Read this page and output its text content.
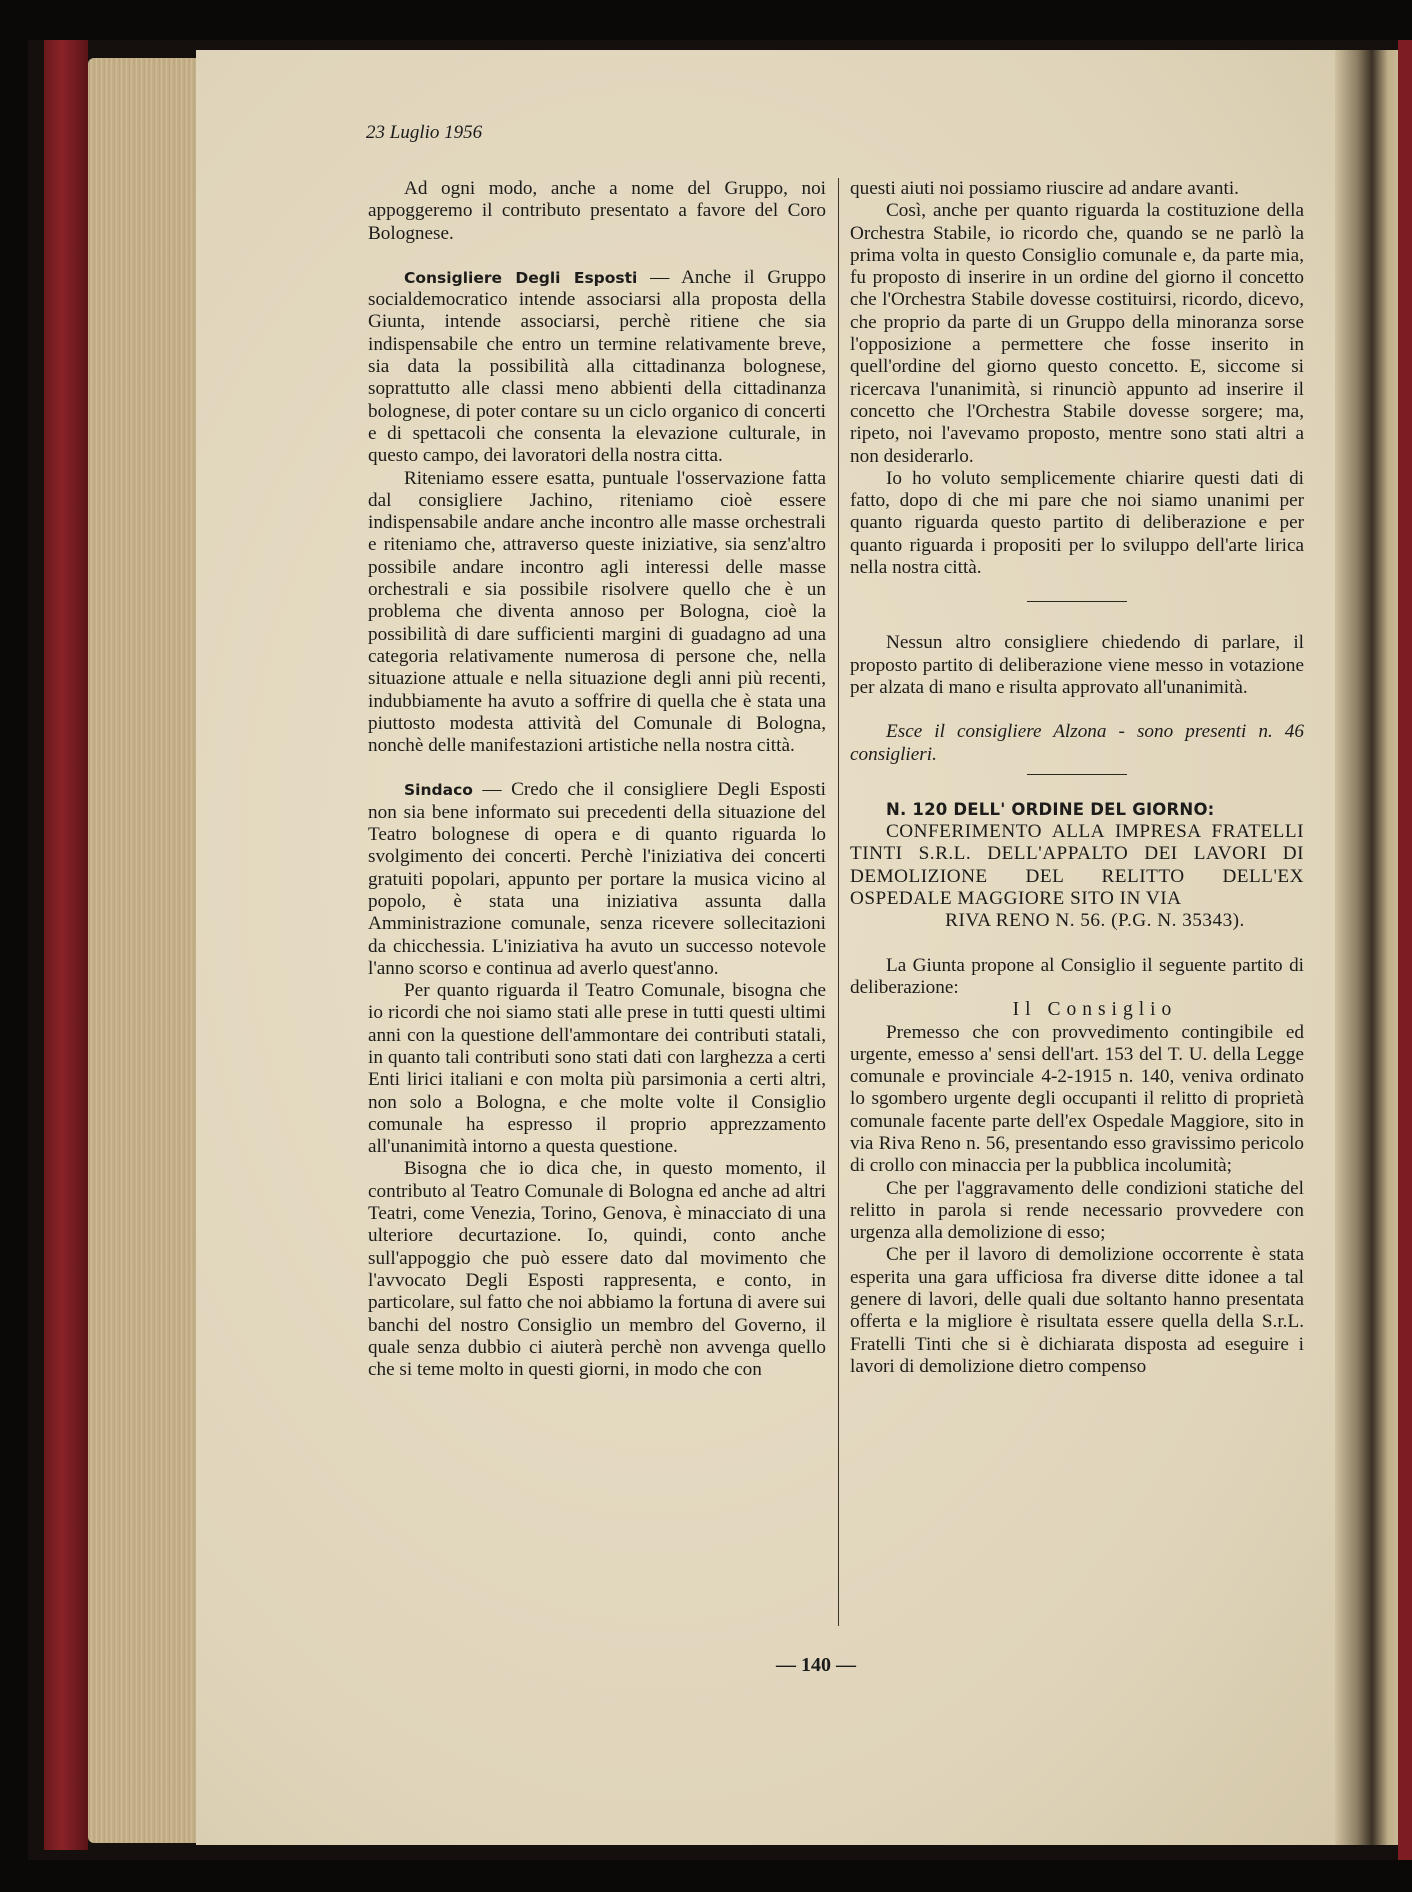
23 Luglio 1956

Ad ogni modo, anche a nome del Gruppo, noi appoggeremo il contributo presentato a favore del Coro Bolognese.

Consigliere Degli Esposti — Anche il Gruppo socialdemocratico intende associarsi alla proposta della Giunta, intende associarsi, perchè ritiene che sia indispensabile che entro un termine relativamente breve, sia data la possibilità alla cittadinanza bolognese, soprattutto alle classi meno abbienti della cittadinanza bolognese, di poter contare su un ciclo organico di concerti e di spettacoli che consenta la elevazione culturale, in questo campo, dei lavoratori della nostra citta.

Riteniamo essere esatta, puntuale l'osservazione fatta dal consigliere Jachino, riteniamo cioè essere indispensabile andare anche incontro alle masse orchestrali e riteniamo che, attraverso queste iniziative, sia senz'altro possibile andare incontro agli interessi delle masse orchestrali e sia possibile risolvere quello che è un problema che diventa annoso per Bologna, cioè la possibilità di dare sufficienti margini di guadagno ad una categoria relativamente numerosa di persone che, nella situazione attuale e nella situazione degli anni più recenti, indubbiamente ha avuto a soffrire di quella che è stata una piuttosto modesta attività del Comunale di Bologna, nonchè delle manifestazioni artistiche nella nostra città.

Sindaco — Credo che il consigliere Degli Esposti non sia bene informato sui precedenti della situazione del Teatro bolognese di opera e di quanto riguarda lo svolgimento dei concerti. Perchè l'iniziativa dei concerti gratuiti popolari, appunto per portare la musica vicino al popolo, è stata una iniziativa assunta dalla Amministrazione comunale, senza ricevere sollecitazioni da chicchessia. L'iniziativa ha avuto un successo notevole l'anno scorso e continua ad averlo quest'anno.

Per quanto riguarda il Teatro Comunale, bisogna che io ricordi che noi siamo stati alle prese in tutti questi ultimi anni con la questione dell'ammontare dei contributi statali, in quanto tali contributi sono stati dati con larghezza a certi Enti lirici italiani e con molta più parsimonia a certi altri, non solo a Bologna, e che molte volte il Consiglio comunale ha espresso il proprio apprezzamento all'unanimità intorno a questa questione.

Bisogna che io dica che, in questo momento, il contributo al Teatro Comunale di Bologna ed anche ad altri Teatri, come Venezia, Torino, Genova, è minacciato di una ulteriore decurtazione. Io, quindi, conto anche sull'appoggio che può essere dato dal movimento che l'avvocato Degli Esposti rappresenta, e conto, in particolare, sul fatto che noi abbiamo la fortuna di avere sui banchi del nostro Consiglio un membro del Governo, il quale senza dubbio ci aiuterà perchè non avvenga quello che si teme molto in questi giorni, in modo che con

questi aiuti noi possiamo riuscire ad andare avanti.

Così, anche per quanto riguarda la costituzione della Orchestra Stabile, io ricordo che, quando se ne parlò la prima volta in questo Consiglio comunale e, da parte mia, fu proposto di inserire in un ordine del giorno il concetto che l'Orchestra Stabile dovesse costituirsi, ricordo, dicevo, che proprio da parte di un Gruppo della minoranza sorse l'opposizione a permettere che fosse inserito in quell'ordine del giorno questo concetto. E, siccome si ricercava l'unanimità, si rinunciò appunto ad inserire il concetto che l'Orchestra Stabile dovesse sorgere; ma, ripeto, noi l'avevamo proposto, mentre sono stati altri a non desiderarlo.

Io ho voluto semplicemente chiarire questi dati di fatto, dopo di che mi pare che noi siamo unanimi per quanto riguarda questo partito di deliberazione e per quanto riguarda i propositi per lo sviluppo dell'arte lirica nella nostra città.

Nessun altro consigliere chiedendo di parlare, il proposto partito di deliberazione viene messo in votazione per alzata di mano e risulta approvato all'unanimità.

Esce il consigliere Alzona - sono presenti n. 46 consiglieri.

N. 120 DELL' ORDINE DEL GIORNO:

CONFERIMENTO ALLA IMPRESA FRATELLI TINTI S.R.L. DELL'APPALTO DEI LAVORI DI DEMOLIZIONE DEL RELITTO DELL'EX OSPEDALE MAGGIORE SITO IN VIA
RIVA RENO N. 56. (P.G. N. 35343).

La Giunta propone al Consiglio il seguente partito di deliberazione:

Il Consiglio

Premesso che con provvedimento contingibile ed urgente, emesso a' sensi dell'art. 153 del T. U. della Legge comunale e provinciale 4-2-1915 n. 140, veniva ordinato lo sgombero urgente degli occupanti il relitto di proprietà comunale facente parte dell'ex Ospedale Maggiore, sito in via Riva Reno n. 56, presentando esso gravissimo pericolo di crollo con minaccia per la pubblica incolumità;

Che per l'aggravamento delle condizioni statiche del relitto in parola si rende necessario provvedere con urgenza alla demolizione di esso;

Che per il lavoro di demolizione occorrente è stata esperita una gara ufficiosa fra diverse ditte idonee a tal genere di lavori, delle quali due soltanto hanno presentata offerta e la migliore è risultata essere quella della S.r.L. Fratelli Tinti che si è dichiarata disposta ad eseguire i lavori di demolizione dietro compenso

— 140 —
